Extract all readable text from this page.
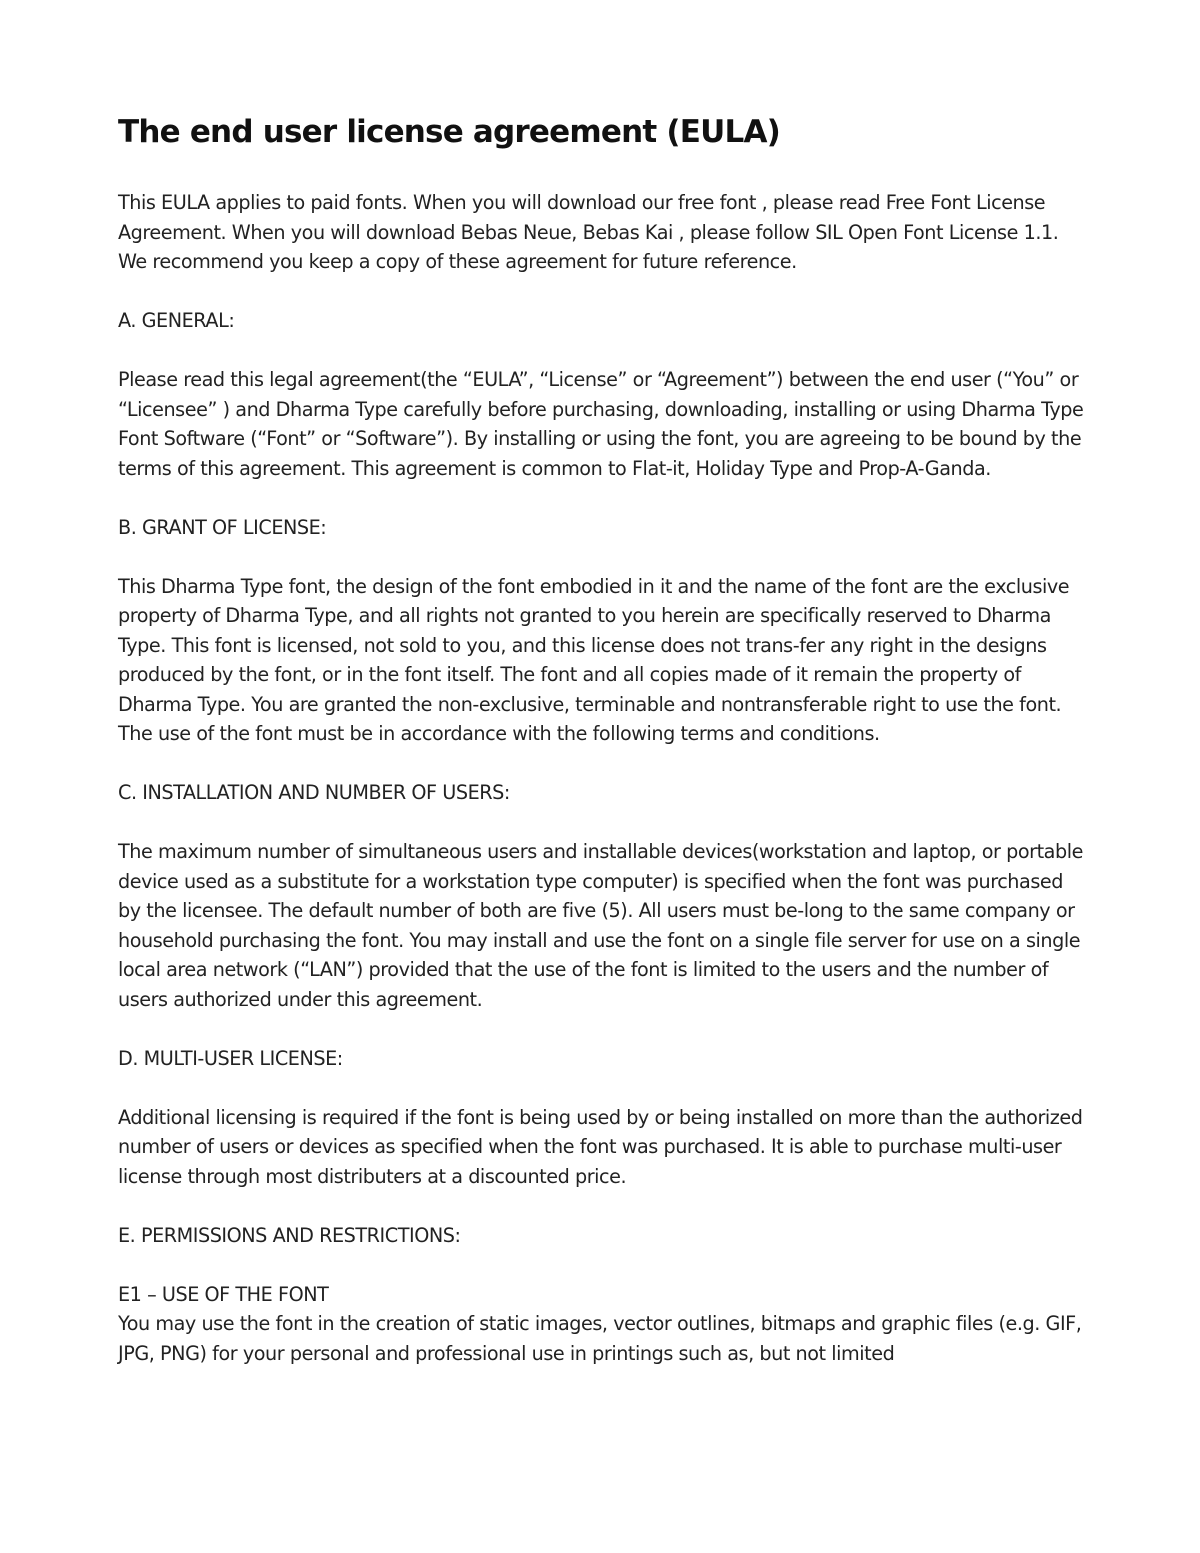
The end user license agreement (EULA)

This EULA applies to paid fonts. When you will download our free font , please read Free Font License Agreement. When you will download Bebas Neue, Bebas Kai , please follow SIL Open Font License 1.1. We recommend you keep a copy of these agreement for future reference.

A. GENERAL:

Please read this legal agreement(the “EULA”, “License” or “Agreement”) between the end user (“You” or “Licensee” ) and Dharma Type carefully before purchasing, downloading, installing or using Dharma Type Font Software (“Font” or “Software”). By installing or using the font, you are agreeing to be bound by the terms of this agreement. This agreement is common to Flat-it, Holiday Type and Prop-A-Ganda.

B. GRANT OF LICENSE:

This Dharma Type font, the design of the font embodied in it and the name of the font are the exclusive property of Dharma Type, and all rights not granted to you herein are specifically reserved to Dharma Type. This font is licensed, not sold to you, and this license does not trans-fer any right in the designs produced by the font, or in the font itself. The font and all copies made of it remain the property of Dharma Type. You are granted the non-exclusive, terminable and nontransferable right to use the font. The use of the font must be in accordance with the following terms and conditions.

C. INSTALLATION AND NUMBER OF USERS:

The maximum number of simultaneous users and installable devices(workstation and laptop, or portable device used as a substitute for a workstation type computer) is specified when the font was purchased by the licensee. The default number of both are five (5). All users must be-long to the same company or household purchasing the font. You may install and use the font on a single file server for use on a single local area network (“LAN”) provided that the use of the font is limited to the users and the number of users authorized under this agreement.

D. MULTI-USER LICENSE:

Additional licensing is required if the font is being used by or being installed on more than the authorized number of users or devices as specified when the font was purchased. It is able to purchase multi-user license through most distributers at a discounted price.

E. PERMISSIONS AND RESTRICTIONS:

E1 – USE OF THE FONT

You may use the font in the creation of static images, vector outlines, bitmaps and graphic files (e.g. GIF, JPG, PNG) for your personal and professional use in printings such as, but not limited
